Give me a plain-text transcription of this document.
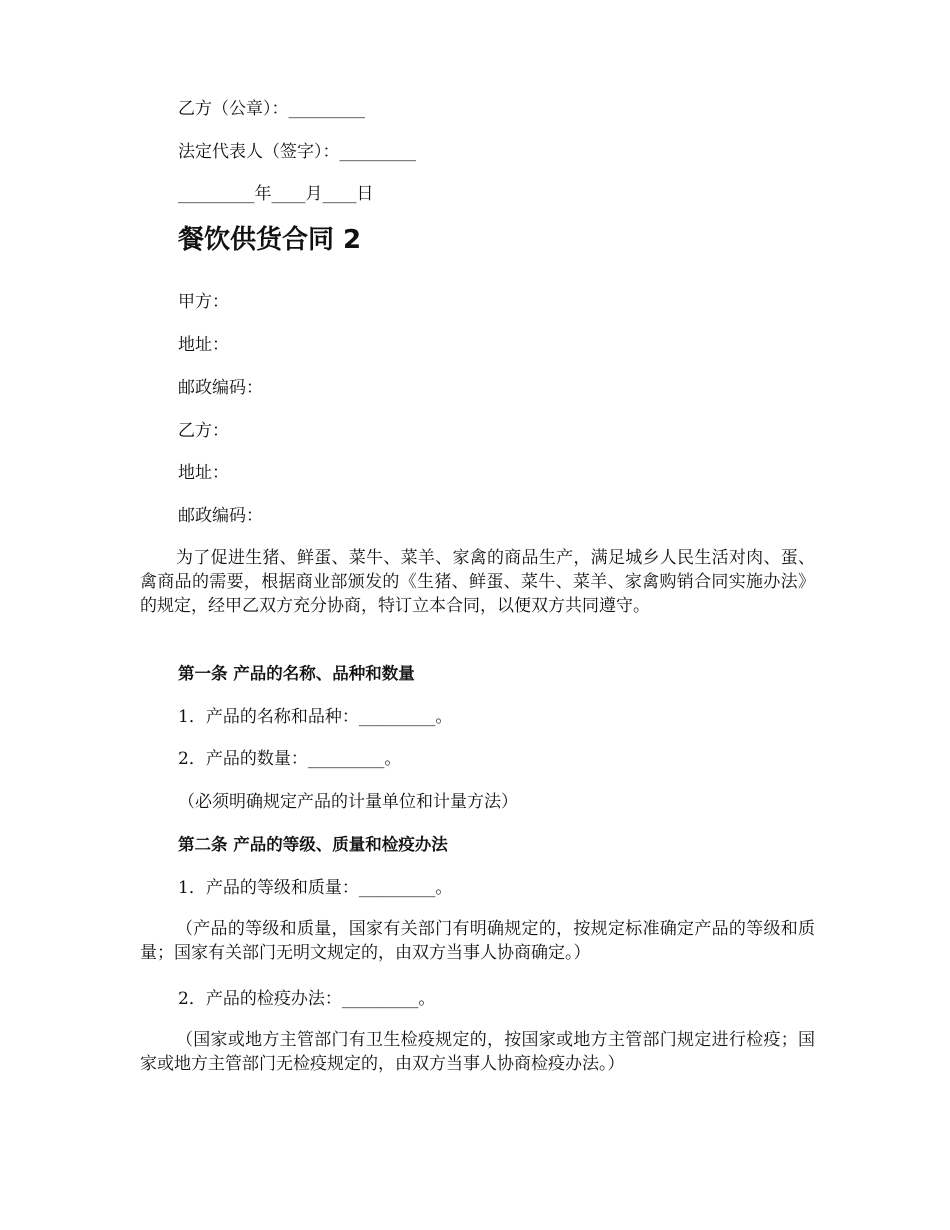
乙方（公章）：_________
法定代表人（签字）：_________
_________年____月____日
餐饮供货合同 2
甲方：
地址：
邮政编码：
乙方：
地址：
邮政编码：
为了促进生猪、鲜蛋、菜牛、菜羊、家禽的商品生产，满足城乡人民生活对肉、蛋、禽商品的需要，根据商业部颁发的《生猪、鲜蛋、菜牛、菜羊、家禽购销合同实施办法》的规定，经甲乙双方充分协商，特订立本合同，以便双方共同遵守。
第一条 产品的名称、品种和数量
1．产品的名称和品种：_________。
2．产品的数量：_________。
（必须明确规定产品的计量单位和计量方法）
第二条 产品的等级、质量和检疫办法
1．产品的等级和质量：_________。
（产品的等级和质量，国家有关部门有明确规定的，按规定标准确定产品的等级和质量；国家有关部门无明文规定的，由双方当事人协商确定。）
2．产品的检疫办法：_________。
（国家或地方主管部门有卫生检疫规定的，按国家或地方主管部门规定进行检疫；国家或地方主管部门无检疫规定的，由双方当事人协商检疫办法。）
